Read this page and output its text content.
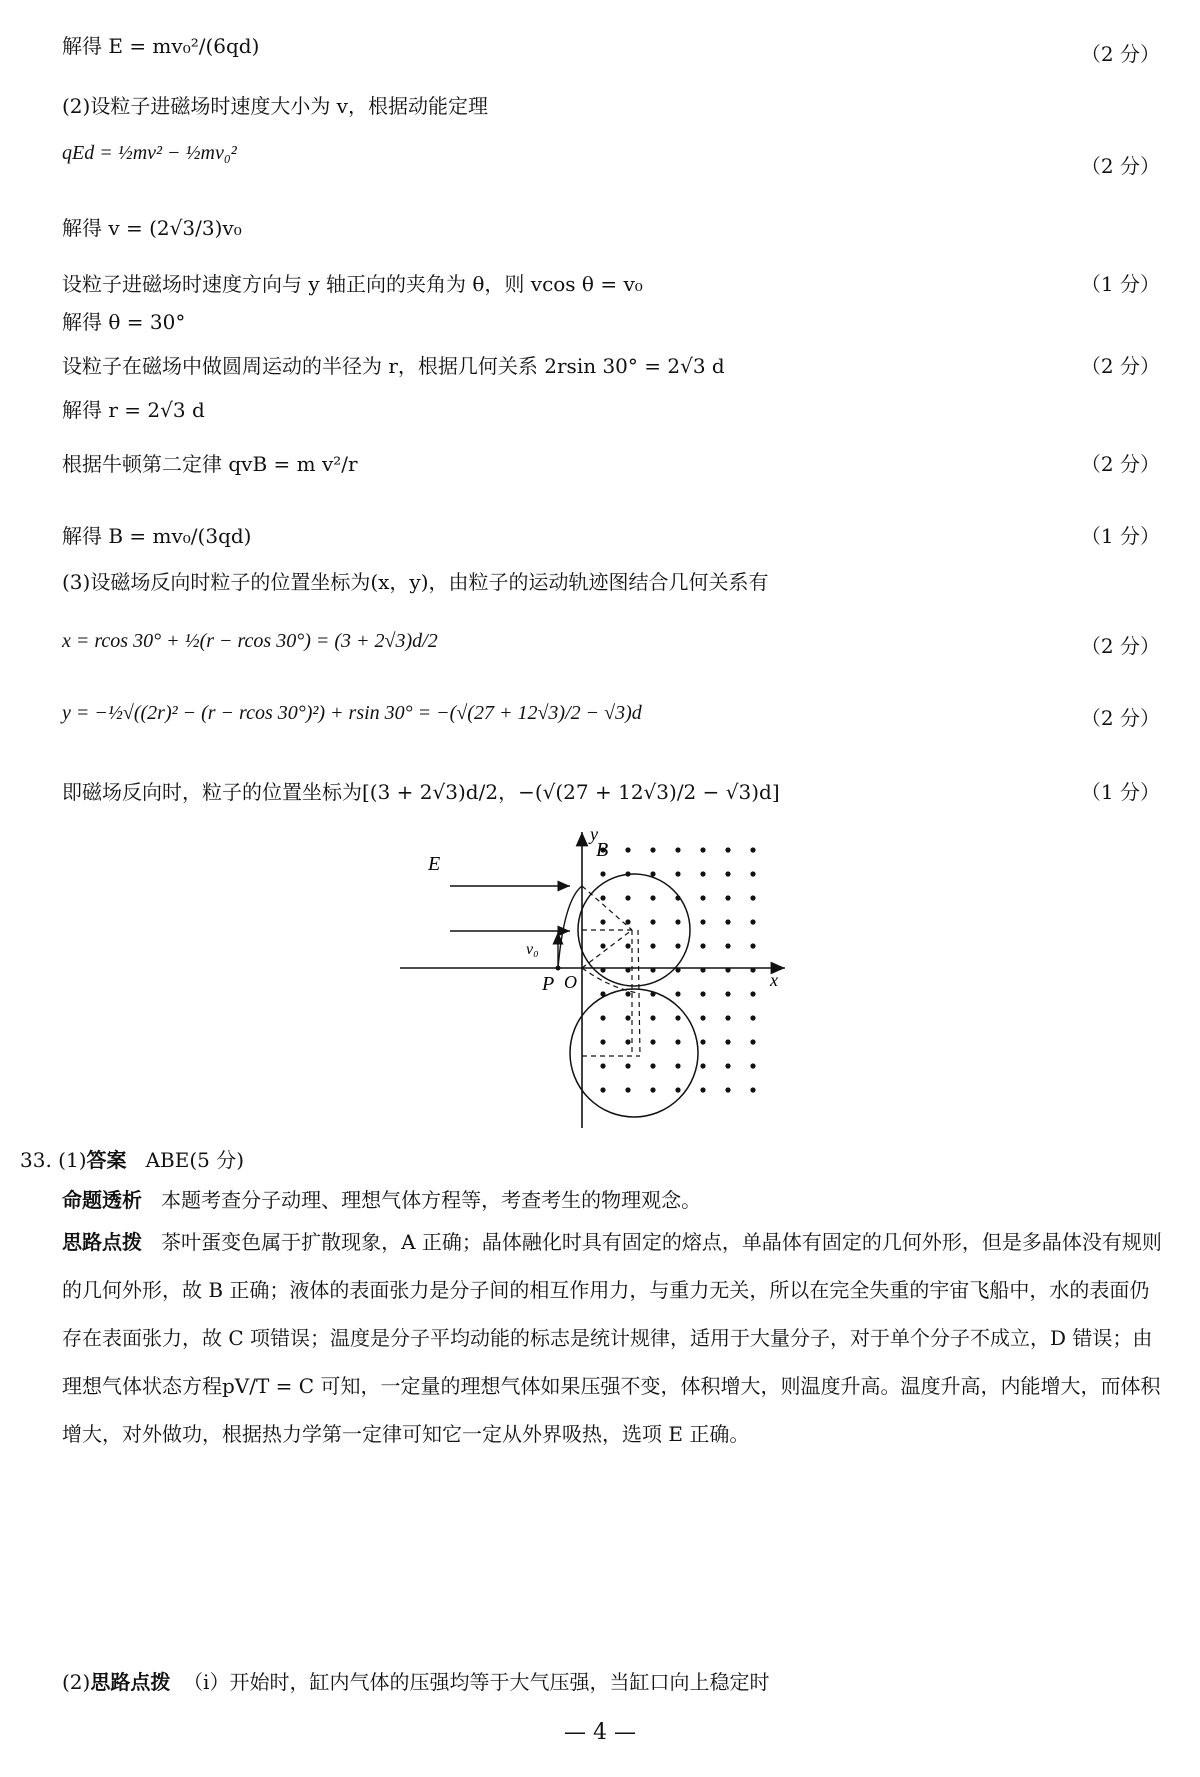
解得 E = mv₀²/(6qd)	（2 分）
(2)设粒子进磁场时速度大小为 v，根据动能定理
qEd = ½mv² − ½mv₀²
（2 分）
解得 v = (2√3/3)v₀
设粒子进磁场时速度方向与 y 轴正向的夹角为 θ，则 vcos θ = v₀	（1 分）
解得 θ = 30°
设粒子在磁场中做圆周运动的半径为 r，根据几何关系 2rsin 30° = 2√3 d	（2 分）
解得 r = 2√3 d
根据牛顿第二定律 qvB = m v²/r	（2 分）
解得 B = mv₀/(3qd)	（1 分）
(3)设磁场反向时粒子的位置坐标为(x，y)，由粒子的运动轨迹图结合几何关系有
x = rcos 30° + ½(r − rcos 30°) = (3 + 2√3)d/2	（2 分）
y = −½√((2r)² − (r − rcos 30°)²) + rsin 30° = −(√(27 + 12√3)/2 − √3)d	（2 分）
即磁场反向时，粒子的位置坐标为[(3 + 2√3)d/2，−(√(27 + 12√3)/2 − √3)d]	（1 分）
E
B
y
x
O
P
v₀
33. (1)答案 ABE(5 分)
命题透析 本题考查分子动理、理想气体方程等，考查考生的物理观念。
思路点拨 茶叶蛋变色属于扩散现象，A 正确；晶体融化时具有固定的熔点，单晶体有固定的几何外形，但是多晶体没有规则的几何外形，故 B 正确；液体的表面张力是分子间的相互作用力，与重力无关，所以在完全失重的宇宙飞船中，水的表面仍存在表面张力，故 C 项错误；温度是分子平均动能的标志是统计规律，适用于大量分子，对于单个分子不成立，D 错误；由理想气体状态方程pV/T = C 可知，一定量的理想气体如果压强不变，体积增大，则温度升高。温度升高，内能增大，而体积增大，对外做功，根据热力学第一定律可知它一定从外界吸热，选项 E 正确。
(2)思路点拨 （ⅰ）开始时，缸内气体的压强均等于大气压强，当缸口向上稳定时
— 4 —
